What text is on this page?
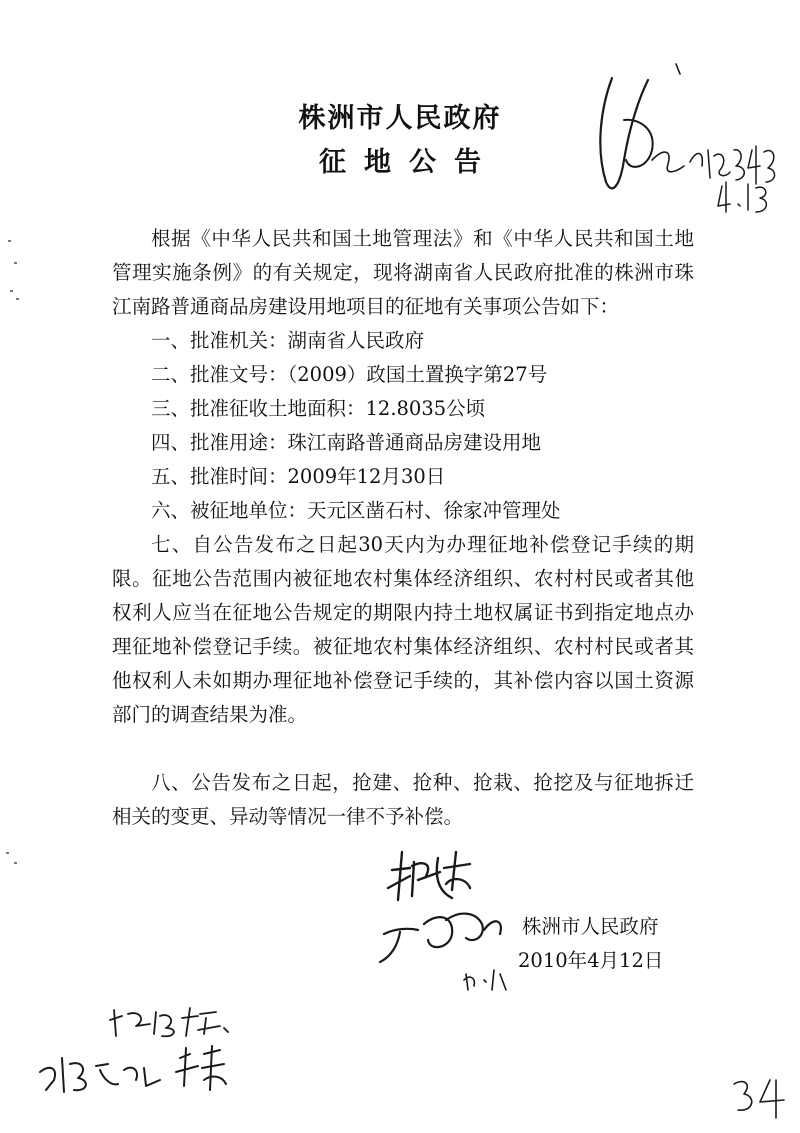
株洲市人民政府
征地公告

根据《中华人民共和国土地管理法》和《中华人民共和国土地管理实施条例》的有关规定，现将湖南省人民政府批准的株洲市珠江南路普通商品房建设用地项目的征地有关事项公告如下：

一、批准机关：湖南省人民政府

二、批准文号：（2009）政国土置换字第27号

三、批准征收土地面积：12.8035公顷

四、批准用途：珠江南路普通商品房建设用地

五、批准时间：2009年12月30日

六、被征地单位：天元区凿石村、徐家冲管理处

七、自公告发布之日起30天内为办理征地补偿登记手续的期限。征地公告范围内被征地农村集体经济组织、农村村民或者其他权利人应当在征地公告规定的期限内持土地权属证书到指定地点办理征地补偿登记手续。被征地农村集体经济组织、农村村民或者其他权利人未如期办理征地补偿登记手续的，其补偿内容以国土资源部门的调查结果为准。

八、公告发布之日起，抢建、抢种、抢栽、抢挖及与征地拆迁相关的变更、异动等情况一律不予补偿。

株洲市人民政府
2010年4月12日
